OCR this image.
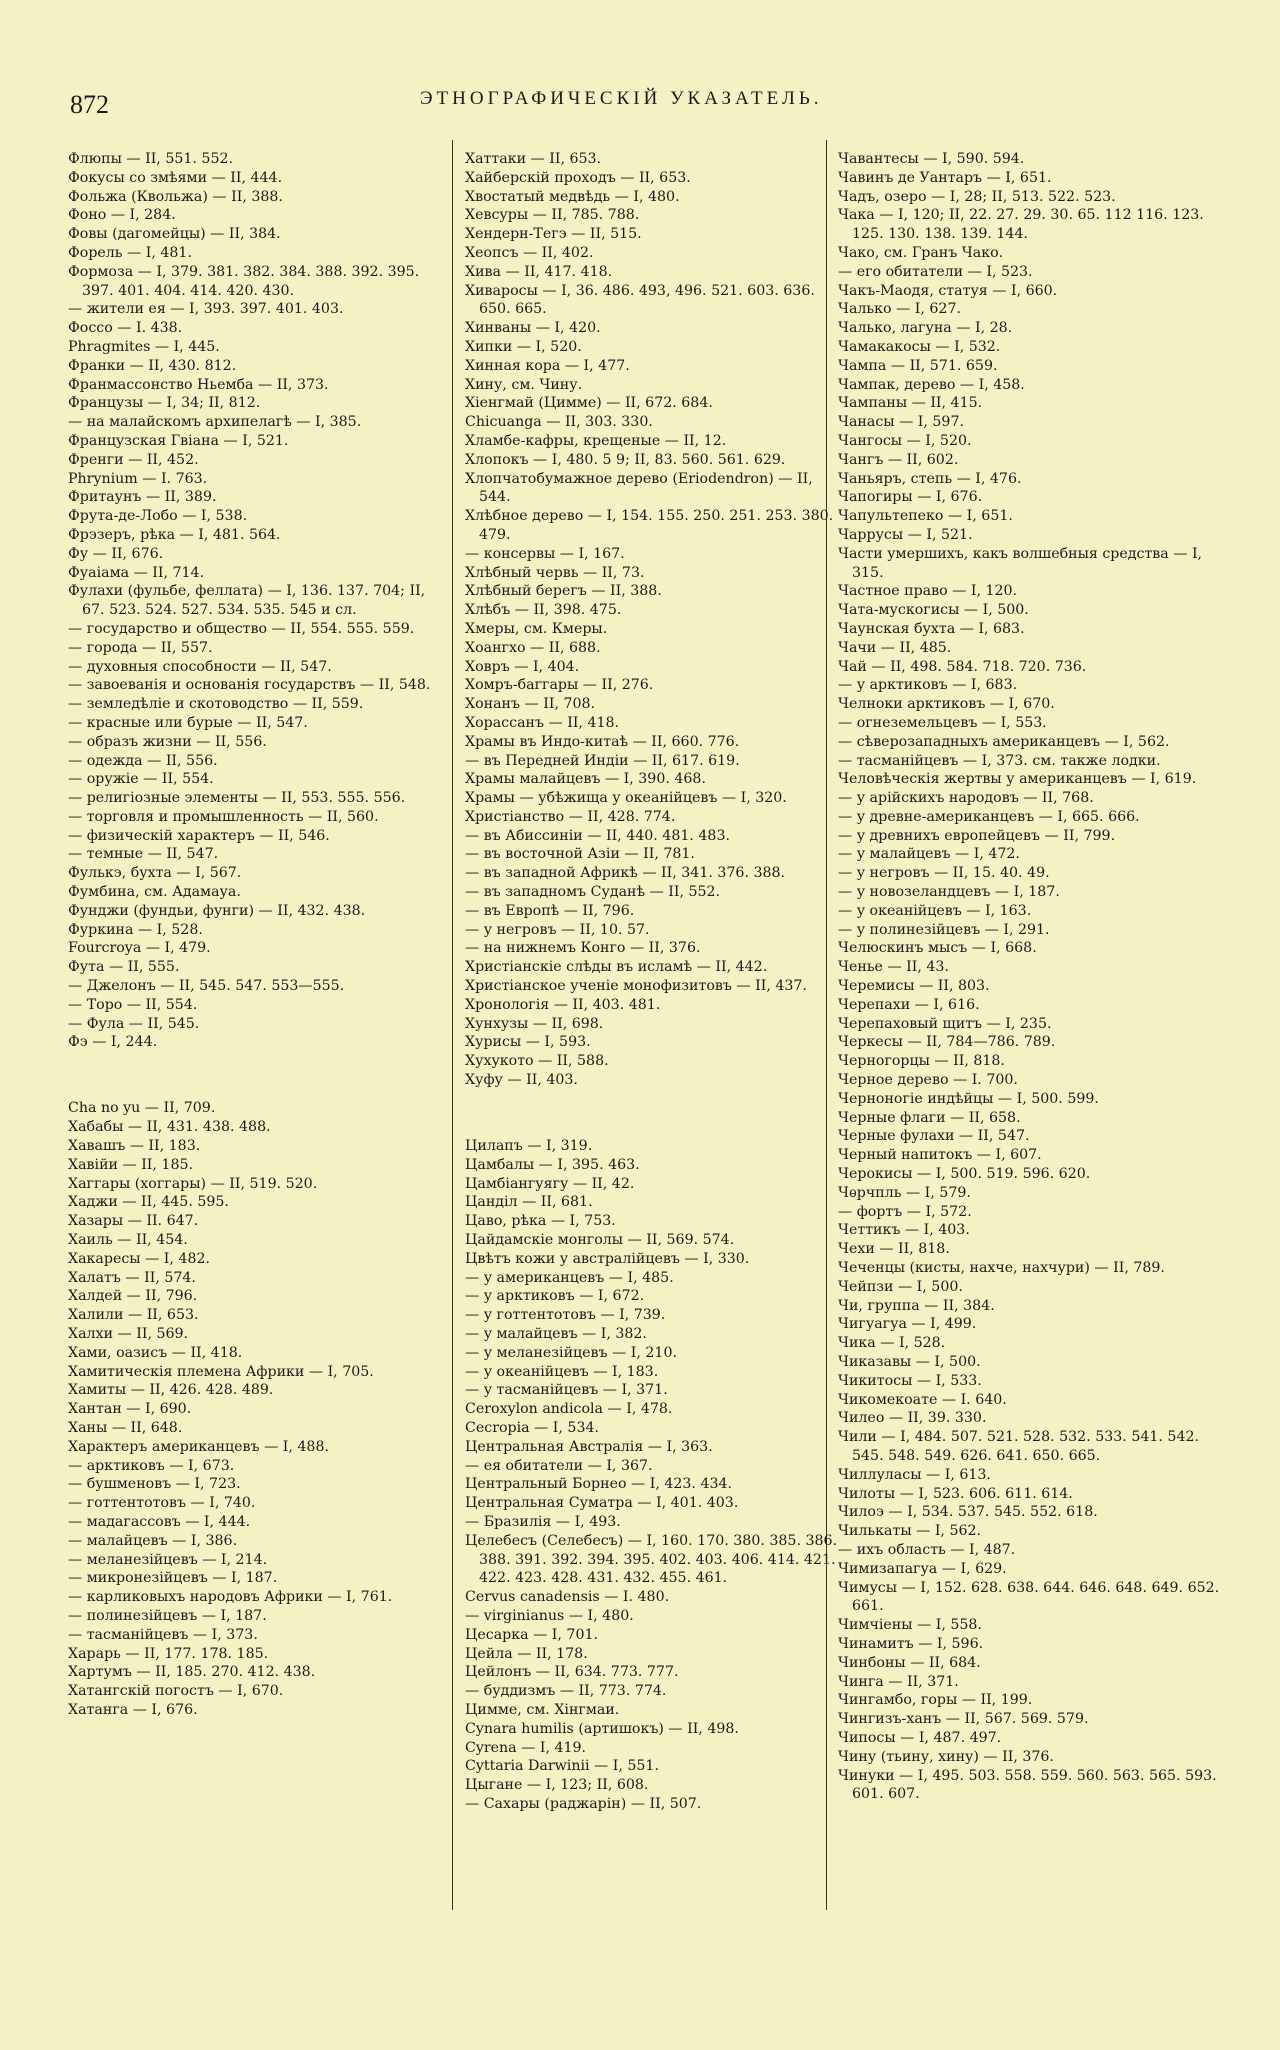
872	ЭТНОГРАФИЧЕСКІЙ УКАЗАТЕЛЬ.

Флюпы — II, 551. 552.

Фокусы со змѣями — II, 444.

Фольжа (Квольжа) — II, 388.

Фоно — I, 284.

Фовы (дагомейцы) — II, 384.

Форель — I, 481.

Формоза — I, 379. 381. 382. 384. 388. 392. 395. 397. 401. 404. 414. 420. 430.

— жители ея — I, 393. 397. 401. 403.

Фоссо — I. 438.

Phragmites — I, 445.

Франки — II, 430. 812.

Франмассонство Ньемба — II, 373.

Французы — I, 34; II, 812.

— на малайскомъ архипелагѣ — I, 385.

Французская Гвіана — I, 521.

Френги — II, 452.

Phrynium — I. 763.

Фритаунъ — II, 389.

Фрута-де-Лобо — I, 538.

Фрэзеръ, рѣка — I, 481. 564.

Фу — II, 676.

Фуаіама — II, 714.

Фулахи (фульбе, феллата) — I, 136. 137. 704; II, 67. 523. 524. 527. 534. 535. 545 и сл.

— государство и общество — II, 554. 555. 559.

— города — II, 557.

— духовныя способности — II, 547.

— завоеванія и основанія государствъ — II, 548.

— земледѣліе и скотоводство — II, 559.

— красные или бурые — II, 547.

— образъ жизни — II, 556.

— одежда — II, 556.

— оружіе — II, 554.

— религіозные элементы — II, 553. 555. 556.

— торговля и промышленность — II, 560.

— физическій характеръ — II, 546.

— темные — II, 547.

Фулькэ, бухта — I, 567.

Фумбина, см. Адамауа.

Фунджи (фундьи, фунги) — II, 432. 438.

Фуркина — I, 528.

Fourcroya — I, 479.

Фута — II, 555.

— Джелонъ — II, 545. 547. 553—555.

— Торо — II, 554.

— Фула — II, 545.

Фэ — I, 244.

Cha no yu — II, 709.

Хабабы — II, 431. 438. 488.

Хавашъ — II, 183.

Хавійи — II, 185.

Хаггары (хоггары) — II, 519. 520.

Хаджи — II, 445. 595.

Хазары — II. 647.

Хаиль — II, 454.

Хакаресы — I, 482.

Халатъ — II, 574.

Халдей — II, 796.

Халили — II, 653.

Халхи — II, 569.

Хами, оазисъ — II, 418.

Хамитическія племена Африки — I, 705.

Хамиты — II, 426. 428. 489.

Хантан — I, 690.

Ханы — II, 648.

Характеръ американцевъ — I, 488.

— арктиковъ — I, 673.

— бушменовъ — I, 723.

— готтентотовъ — I, 740.

— мадагассовъ — I, 444.

— малайцевъ — I, 386.

— меланезійцевъ — I, 214.

— микронезійцевъ — I, 187.

— карликовыхъ народовъ Африки — I, 761.

— полинезійцевъ — I, 187.

— тасманійцевъ — I, 373.

Харарь — II, 177. 178. 185.

Хартумъ — II, 185. 270. 412. 438.

Хатангскій погостъ — I, 670.

Хатанга — I, 676.

Хаттаки — II, 653.

Хайберскій проходъ — II, 653.

Хвостатый медвѣдь — I, 480.

Хевсуры — II, 785. 788.

Хендерн-Тегэ — II, 515.

Хеопсъ — II, 402.

Хива — II, 417. 418.

Хиваросы — I, 36. 486. 493, 496. 521. 603. 636. 650. 665.

Хинваны — I, 420.

Хипки — I, 520.

Хинная кора — I, 477.

Хину, см. Чину.

Хіенгмай (Циммe) — II, 672. 684.

Chicuanga — II, 303. 330.

Хламбе-кафры, крещеные — II, 12.

Хлопокъ — I, 480. 5 9; II, 83. 560. 561. 629.

Хлопчатобумажное дерево (Eriodendron) — II, 544.

Хлѣбное дерево — I, 154. 155. 250. 251. 253. 380. 479.

— консервы — I, 167.

Хлѣбный червь — II, 73.

Хлѣбный берегъ — II, 388.

Хлѣбъ — II, 398. 475.

Хмеры, см. Кмеры.

Хоангхо — II, 688.

Ховръ — I, 404.

Хомръ-баггары — II, 276.

Хонанъ — II, 708.

Хорассанъ — II, 418.

Храмы въ Индо-китаѣ — II, 660. 776.

— въ Передней Индіи — II, 617. 619.

Храмы малайцевъ — I, 390. 468.

Храмы — убѣжища у океанійцевъ — I, 320.

Христіанство — II, 428. 774.

— въ Абиссиніи — II, 440. 481. 483.

— въ восточной Азіи — II, 781.

— въ западной Африкѣ — II, 341. 376. 388.

— въ западномъ Суданѣ — II, 552.

— въ Европѣ — II, 796.

— у негровъ — II, 10. 57.

— на нижнемъ Конго — II, 376.

Христіанскіе слѣды въ исламѣ — II, 442.

Христіанское ученіе монофизитовъ — II, 437.

Хронологія — II, 403. 481.

Хунхузы — II, 698.

Хурисы — I, 593.

Хухукото — II, 588.

Хуфу — II, 403.

Цилапъ — I, 319.

Цамбалы — I, 395. 463.

Цамбіангуягу — II, 42.

Цанділ — II, 681.

Цаво, рѣка — I, 753.

Цайдамскіе монголы — II, 569. 574.

Цвѣтъ кожи у австралійцевъ — I, 330.

— у американцевъ — I, 485.

— у арктиковъ — I, 672.

— у готтентотовъ — I, 739.

— у малайцевъ — I, 382.

— у меланезійцевъ — I, 210.

— у океанійцевъ — I, 183.

— у тасманійцевъ — I, 371.

Ceroxylon andicola — I, 478.

Cecropia — I, 534.

Центральная Австралія — I, 363.

— ея обитатели — I, 367.

Центральный Борнео — I, 423. 434.

Центральная Суматра — I, 401. 403.

— Бразилія — I, 493.

Целебесъ (Селебесъ) — I, 160. 170. 380. 385. 386. 388. 391. 392. 394. 395. 402. 403. 406. 414. 421. 422. 423. 428. 431. 432. 455. 461.

Cervus canadensis — I. 480.

— virginianus — I, 480.

Цесарка — I, 701.

Цейла — II, 178.

Цейлонъ — II, 634. 773. 777.

— буддизмъ — II, 773. 774.

Цимме, см. Хінгмаи.

Cynara humilis (артишокъ) — II, 498.

Cyrena — I, 419.

Cyttaria Darwinii — I, 551.

Цыгане — I, 123; II, 608.

— Сахары (раджарін) — II, 507.

Чавантесы — I, 590. 594.

Чавинъ де Уантаръ — I, 651.

Чадъ, озеро — I, 28; II, 513. 522. 523.

Чака — I, 120; II, 22. 27. 29. 30. 65. 112 116. 123. 125. 130. 138. 139. 144.

Чако, см. Гранъ Чако.

— его обитатели — I, 523.

Чакъ-Маодя, статуя — I, 660.

Чалько — I, 627.

Чалько, лагуна — I, 28.

Чамакакосы — I, 532.

Чампа — II, 571. 659.

Чампак, дерево — I, 458.

Чампаны — II, 415.

Чанасы — I, 597.

Чангосы — I, 520.

Чангъ — II, 602.

Чаньяръ, степь — I, 476.

Чапогиры — I, 676.

Чапультепеко — I, 651.

Чаррусы — I, 521.

Части умершихъ, какъ волшебныя средства — I, 315.

Частное право — I, 120.

Чата-мускогисы — I, 500.

Чаунская бухта — I, 683.

Чачи — II, 485.

Чай — II, 498. 584. 718. 720. 736.

— у арктиковъ — I, 683.

Челноки арктиковъ — I, 670.

— огнеземельцевъ — I, 553.

— сѣверозападныхъ американцевъ — I, 562.

— тасманійцевъ — I, 373. см. также лодки.

Человѣческія жертвы у американцевъ — I, 619.

— у арійскихъ народовъ — II, 768.

— у древне-американцевъ — I, 665. 666.

— у древнихъ европейцевъ — II, 799.

— у малайцевъ — I, 472.

— у негровъ — II, 15. 40. 49.

— у новозеландцевъ — I, 187.

— у океанійцевъ — I, 163.

— у полинезійцевъ — I, 291.

Челюскинъ мысъ — I, 668.

Ченье — II, 43.

Черемисы — II, 803.

Черепахи — I, 616.

Черепаховый щитъ — I, 235.

Черкесы — II, 784—786. 789.

Черногорцы — II, 818.

Черное дерево — I. 700.

Черноногіе индѣйцы — I, 500. 599.

Черные флаги — II, 658.

Черные фулахи — II, 547.

Черный напитокъ — I, 607.

Черокисы — I, 500. 519. 596. 620.

Чѳрчпль — I, 579.

— фортъ — I, 572.

Четтикъ — I, 403.

Чехи — II, 818.

Чеченцы (кисты, нахче, нахчури) — II, 789.

Чейпзи — I, 500.

Чи, группа — II, 384.

Чигуагуа — I, 499.

Чика — I, 528.

Чиказавы — I, 500.

Чикитосы — I, 533.

Чикомекоате — I. 640.

Чилео — II, 39. 330.

Чили — I, 484. 507. 521. 528. 532. 533. 541. 542. 545. 548. 549. 626. 641. 650. 665.

Чиллуласы — I, 613.

Чилоты — I, 523. 606. 611. 614.

Чилоэ — I, 534. 537. 545. 552. 618.

Чилькаты — I, 562.

— ихъ область — I, 487.

Чимизапагуа — I, 629.

Чимусы — I, 152. 628. 638. 644. 646. 648. 649. 652. 661.

Чимчіены — I, 558.

Чинамитъ — I, 596.

Чинбоны — II, 684.

Чинга — II, 371.

Чингамбо, горы — II, 199.

Чингизъ-ханъ — II, 567. 569. 579.

Чипосы — I, 487. 497.

Чину (тьину, хину) — II, 376.

Чинуки — I, 495. 503. 558. 559. 560. 563. 565. 593. 601. 607.
